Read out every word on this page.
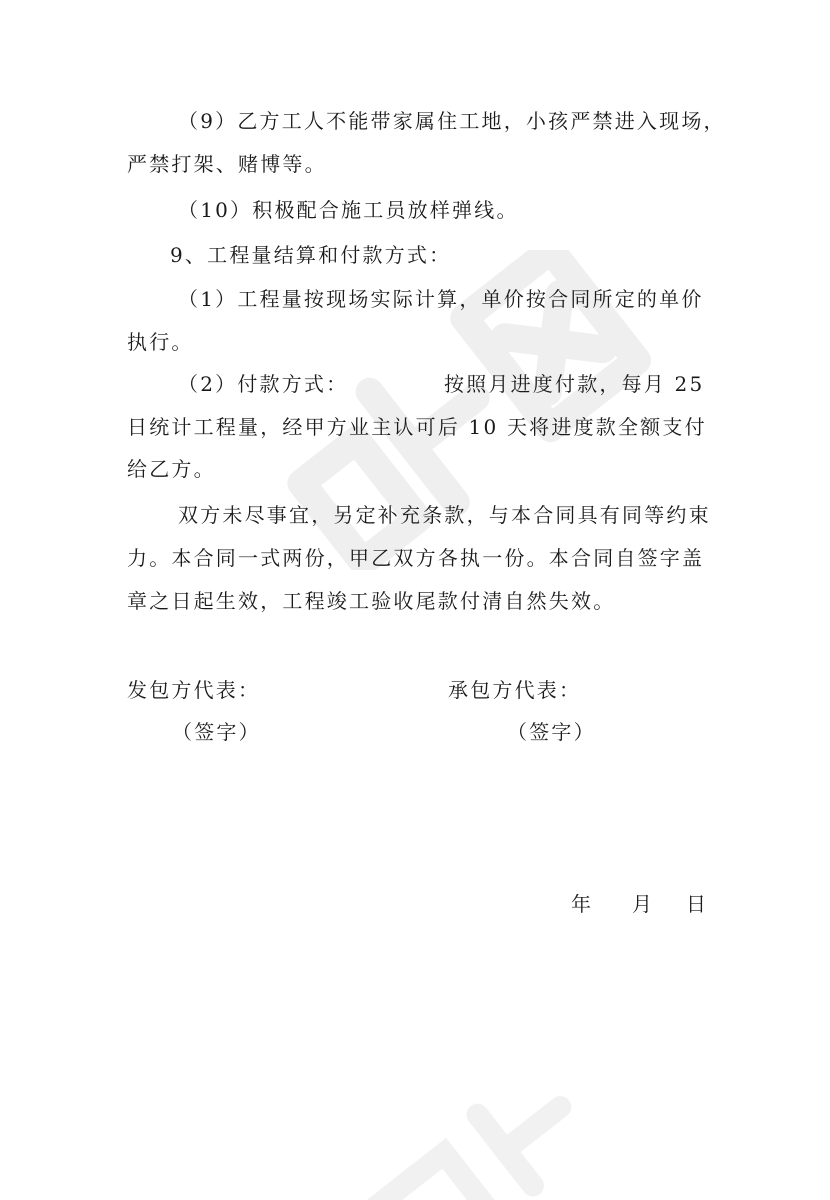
（9）乙方工人不能带家属住工地，小孩严禁进入现场，
严禁打架、赌博等。
（10）积极配合施工员放样弹线。
9、工程量结算和付款方式：
（1）工程量按现场实际计算，单价按合同所定的单价
执行。
（2）付款方式：	按照月进度付款，每月 25
日统计工程量，经甲方业主认可后 10 天将进度款全额支付
给乙方。
双方未尽事宜，另定补充条款，与本合同具有同等约束
力。本合同一式两份，甲乙双方各执一份。本合同自签字盖
章之日起生效，工程竣工验收尾款付清自然失效。
发包方代表：	承包方代表：
（签字）	（签字）
年 月 日
